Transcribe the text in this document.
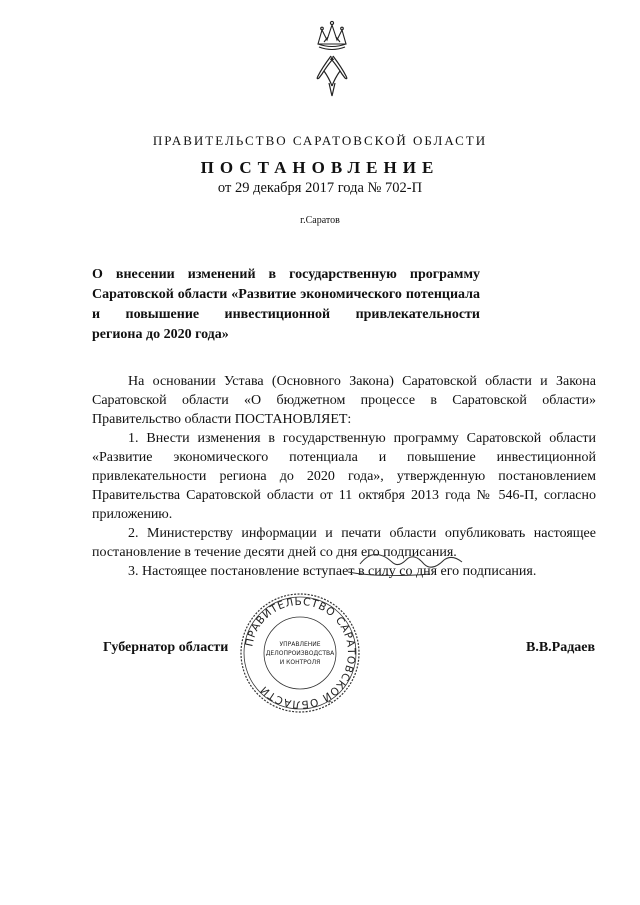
ПРАВИТЕЛЬСТВО САРАТОВСКОЙ ОБЛАСТИ
ПОСТАНОВЛЕНИЕ
от 29 декабря 2017 года № 702-П
г.Саратов
О внесении изменений в государственную программу
Саратовской области «Развитие экономического потенциала
и повышение инвестиционной привлекательности
региона до 2020 года»
На основании Устава (Основного Закона) Саратовской области и Закона
Саратовской области «О бюджетном процессе в Саратовской области»
Правительство области ПОСТАНОВЛЯЕТ:
1. Внести изменения в государственную программу Саратовской области
«Развитие экономического потенциала и повышение инвестиционной
привлекательности региона до 2020 года», утвержденную постановлением
Правительства Саратовской области от 11 октября 2013 года № 546-П, согласно
приложению.
2. Министерству информации и печати области опубликовать настоящее
постановление в течение десяти дней со дня его подписания.
3. Настоящее постановление вступает в силу со дня его подписания.
Губернатор области	В.В.Радаев
ПРАВИТЕЛЬСТВО САРАТОВСКОЙ ОБЛАСТИ
УПРАВЛЕНИЕ
ДЕЛОПРОИЗВОДСТВА
И КОНТРОЛЯ
